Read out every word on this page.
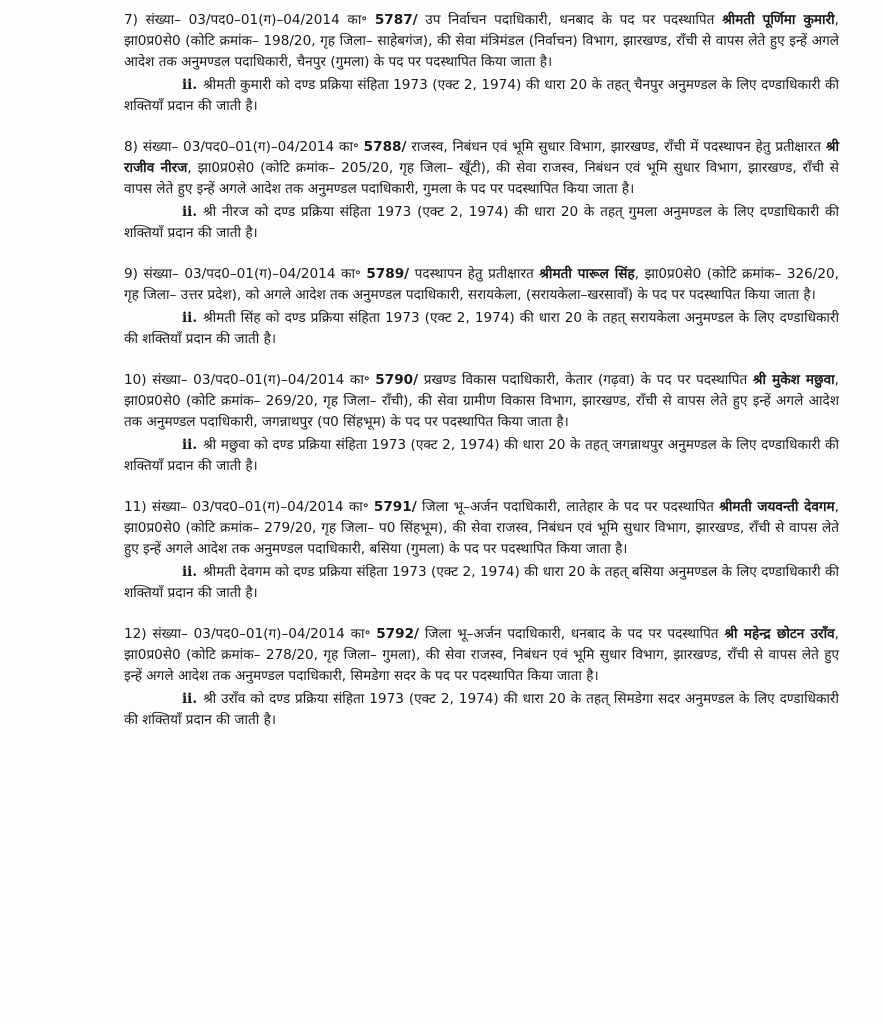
7) संख्या– 03/पद0–01(ग)–04/2014 का॰ 5787/ उप निर्वाचन पदाधिकारी, धनबाद के पद पर पदस्थापित श्रीमती पूर्णिमा कुमारी, झा0प्र0से0 (कोटि क्रमांक– 198/20, गृह जिला– साहेबगंज), की सेवा मंत्रिमंडल (निर्वाचन) विभाग, झारखण्ड, राँची से वापस लेते हुए इन्हें अगले आदेश तक अनुमण्डल पदाधिकारी, चैनपुर (गुमला) के पद पर पदस्थापित किया जाता है।

ii. श्रीमती कुमारी को दण्ड प्रक्रिया संहिता 1973 (एक्ट 2, 1974) की धारा 20 के तहत् चैनपुर अनुमण्डल के लिए दण्डाधिकारी की शक्तियाँ प्रदान की जाती है।

8) संख्या– 03/पद0–01(ग)–04/2014 का॰ 5788/ राजस्व, निबंधन एवं भूमि सुधार विभाग, झारखण्ड, राँची में पदस्थापन हेतु प्रतीक्षारत श्री राजीव नीरज, झा0प्र0से0 (कोटि क्रमांक– 205/20, गृह जिला– खूँटी), की सेवा राजस्व, निबंधन एवं भूमि सुधार विभाग, झारखण्ड, राँची से वापस लेते हुए इन्हें अगले आदेश तक अनुमण्डल पदाधिकारी, गुमला के पद पर पदस्थापित किया जाता है।

ii. श्री नीरज को दण्ड प्रक्रिया संहिता 1973 (एक्ट 2, 1974) की धारा 20 के तहत् गुमला अनुमण्डल के लिए दण्डाधिकारी की शक्तियाँ प्रदान की जाती है।

9) संख्या– 03/पद0–01(ग)–04/2014 का॰ 5789/ पदस्थापन हेतु प्रतीक्षारत श्रीमती पारूल सिंह, झा0प्र0से0 (कोटि क्रमांक– 326/20, गृह जिला– उत्तर प्रदेश), को अगले आदेश तक अनुमण्डल पदाधिकारी, सरायकेला, (सरायकेला–खरसावाँ) के पद पर पदस्थापित किया जाता है।

ii. श्रीमती सिंह को दण्ड प्रक्रिया संहिता 1973 (एक्ट 2, 1974) की धारा 20 के तहत् सरायकेला अनुमण्डल के लिए दण्डाधिकारी की शक्तियाँ प्रदान की जाती है।

10) संख्या– 03/पद0–01(ग)–04/2014 का॰ 5790/ प्रखण्ड विकास पदाधिकारी, केतार (गढ़वा) के पद पर पदस्थापित श्री मुकेश मछुवा, झा0प्र0से0 (कोटि क्रमांक– 269/20, गृह जिला– राँची), की सेवा ग्रामीण विकास विभाग, झारखण्ड, राँची से वापस लेते हुए इन्हें अगले आदेश तक अनुमण्डल पदाधिकारी, जगन्नाथपुर (प0 सिंहभूम) के पद पर पदस्थापित किया जाता है।

ii. श्री मछुवा को दण्ड प्रक्रिया संहिता 1973 (एक्ट 2, 1974) की धारा 20 के तहत् जगन्नाथपुर अनुमण्डल के लिए दण्डाधिकारी की शक्तियाँ प्रदान की जाती है।

11) संख्या– 03/पद0–01(ग)–04/2014 का॰ 5791/ जिला भू–अर्जन पदाधिकारी, लातेहार के पद पर पदस्थापित श्रीमती जयवन्ती देवगम, झा0प्र0से0 (कोटि क्रमांक– 279/20, गृह जिला– प0 सिंहभूम), की सेवा राजस्व, निबंधन एवं भूमि सुधार विभाग, झारखण्ड, राँची से वापस लेते हुए इन्हें अगले आदेश तक अनुमण्डल पदाधिकारी, बसिया (गुमला) के पद पर पदस्थापित किया जाता है।

ii. श्रीमती देवगम को दण्ड प्रक्रिया संहिता 1973 (एक्ट 2, 1974) की धारा 20 के तहत् बसिया अनुमण्डल के लिए दण्डाधिकारी की शक्तियाँ प्रदान की जाती है।

12) संख्या– 03/पद0–01(ग)–04/2014 का॰ 5792/ जिला भू–अर्जन पदाधिकारी, धनबाद के पद पर पदस्थापित श्री महेन्द्र छोटन उराँव, झा0प्र0से0 (कोटि क्रमांक– 278/20, गृह जिला– गुमला), की सेवा राजस्व, निबंधन एवं भूमि सुधार विभाग, झारखण्ड, राँची से वापस लेते हुए इन्हें अगले आदेश तक अनुमण्डल पदाधिकारी, सिमडेगा सदर के पद पर पदस्थापित किया जाता है।

ii. श्री उराँव को दण्ड प्रक्रिया संहिता 1973 (एक्ट 2, 1974) की धारा 20 के तहत् सिमडेगा सदर अनुमण्डल के लिए दण्डाधिकारी की शक्तियाँ प्रदान की जाती है।
